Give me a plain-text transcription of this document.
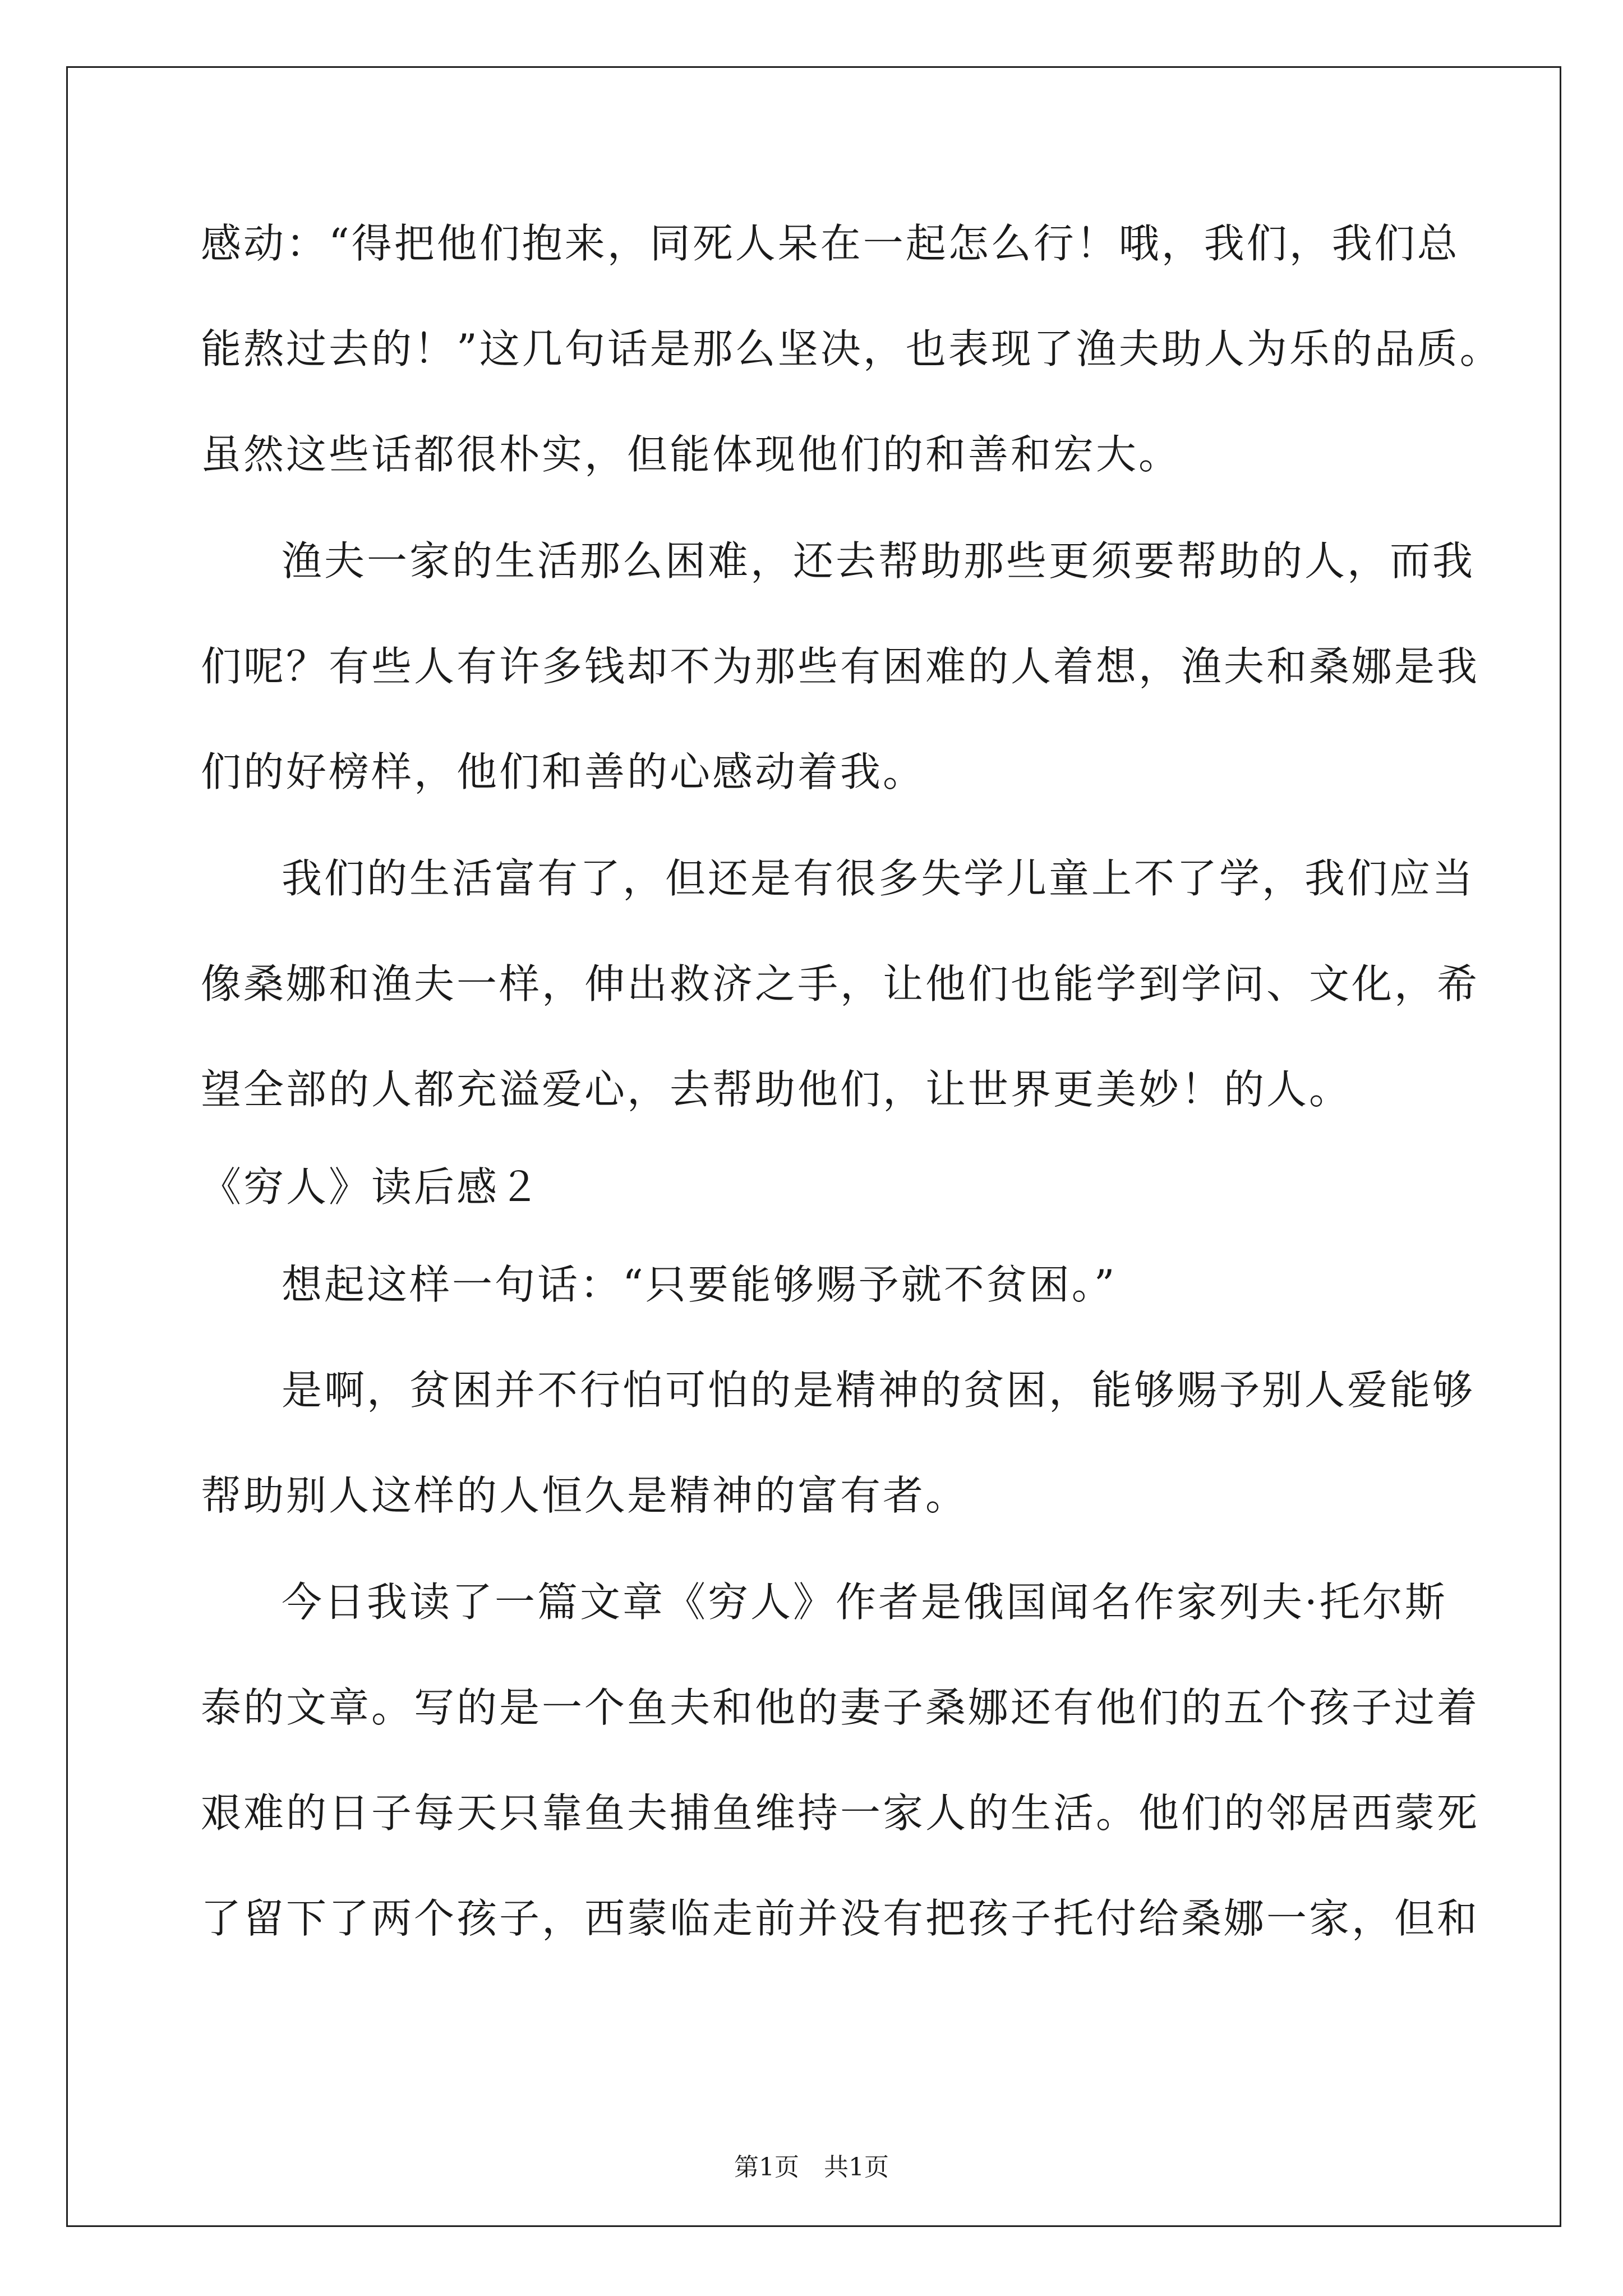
感动：“得把他们抱来，同死人呆在一起怎么行！哦，我们，我们总
能熬过去的！”这几句话是那么坚决，也表现了渔夫助人为乐的品质。
虽然这些话都很朴实，但能体现他们的和善和宏大。
渔夫一家的生活那么困难，还去帮助那些更须要帮助的人，而我
们呢？有些人有许多钱却不为那些有困难的人着想，渔夫和桑娜是我
们的好榜样，他们和善的心感动着我。
我们的生活富有了，但还是有很多失学儿童上不了学，我们应当
像桑娜和渔夫一样，伸出救济之手，让他们也能学到学问、文化，希
望全部的人都充溢爱心，去帮助他们，让世界更美妙！的人。
《穷人》读后感２
想起这样一句话：“只要能够赐予就不贫困。”
是啊，贫困并不行怕可怕的是精神的贫困，能够赐予别人爱能够
帮助别人这样的人恒久是精神的富有者。
今日我读了一篇文章《穷人》作者是俄国闻名作家列夫·托尔斯
泰的文章。写的是一个鱼夫和他的妻子桑娜还有他们的五个孩子过着
艰难的日子每天只靠鱼夫捕鱼维持一家人的生活。他们的邻居西蒙死
了留下了两个孩子，西蒙临走前并没有把孩子托付给桑娜一家，但和
第1页　共1页
